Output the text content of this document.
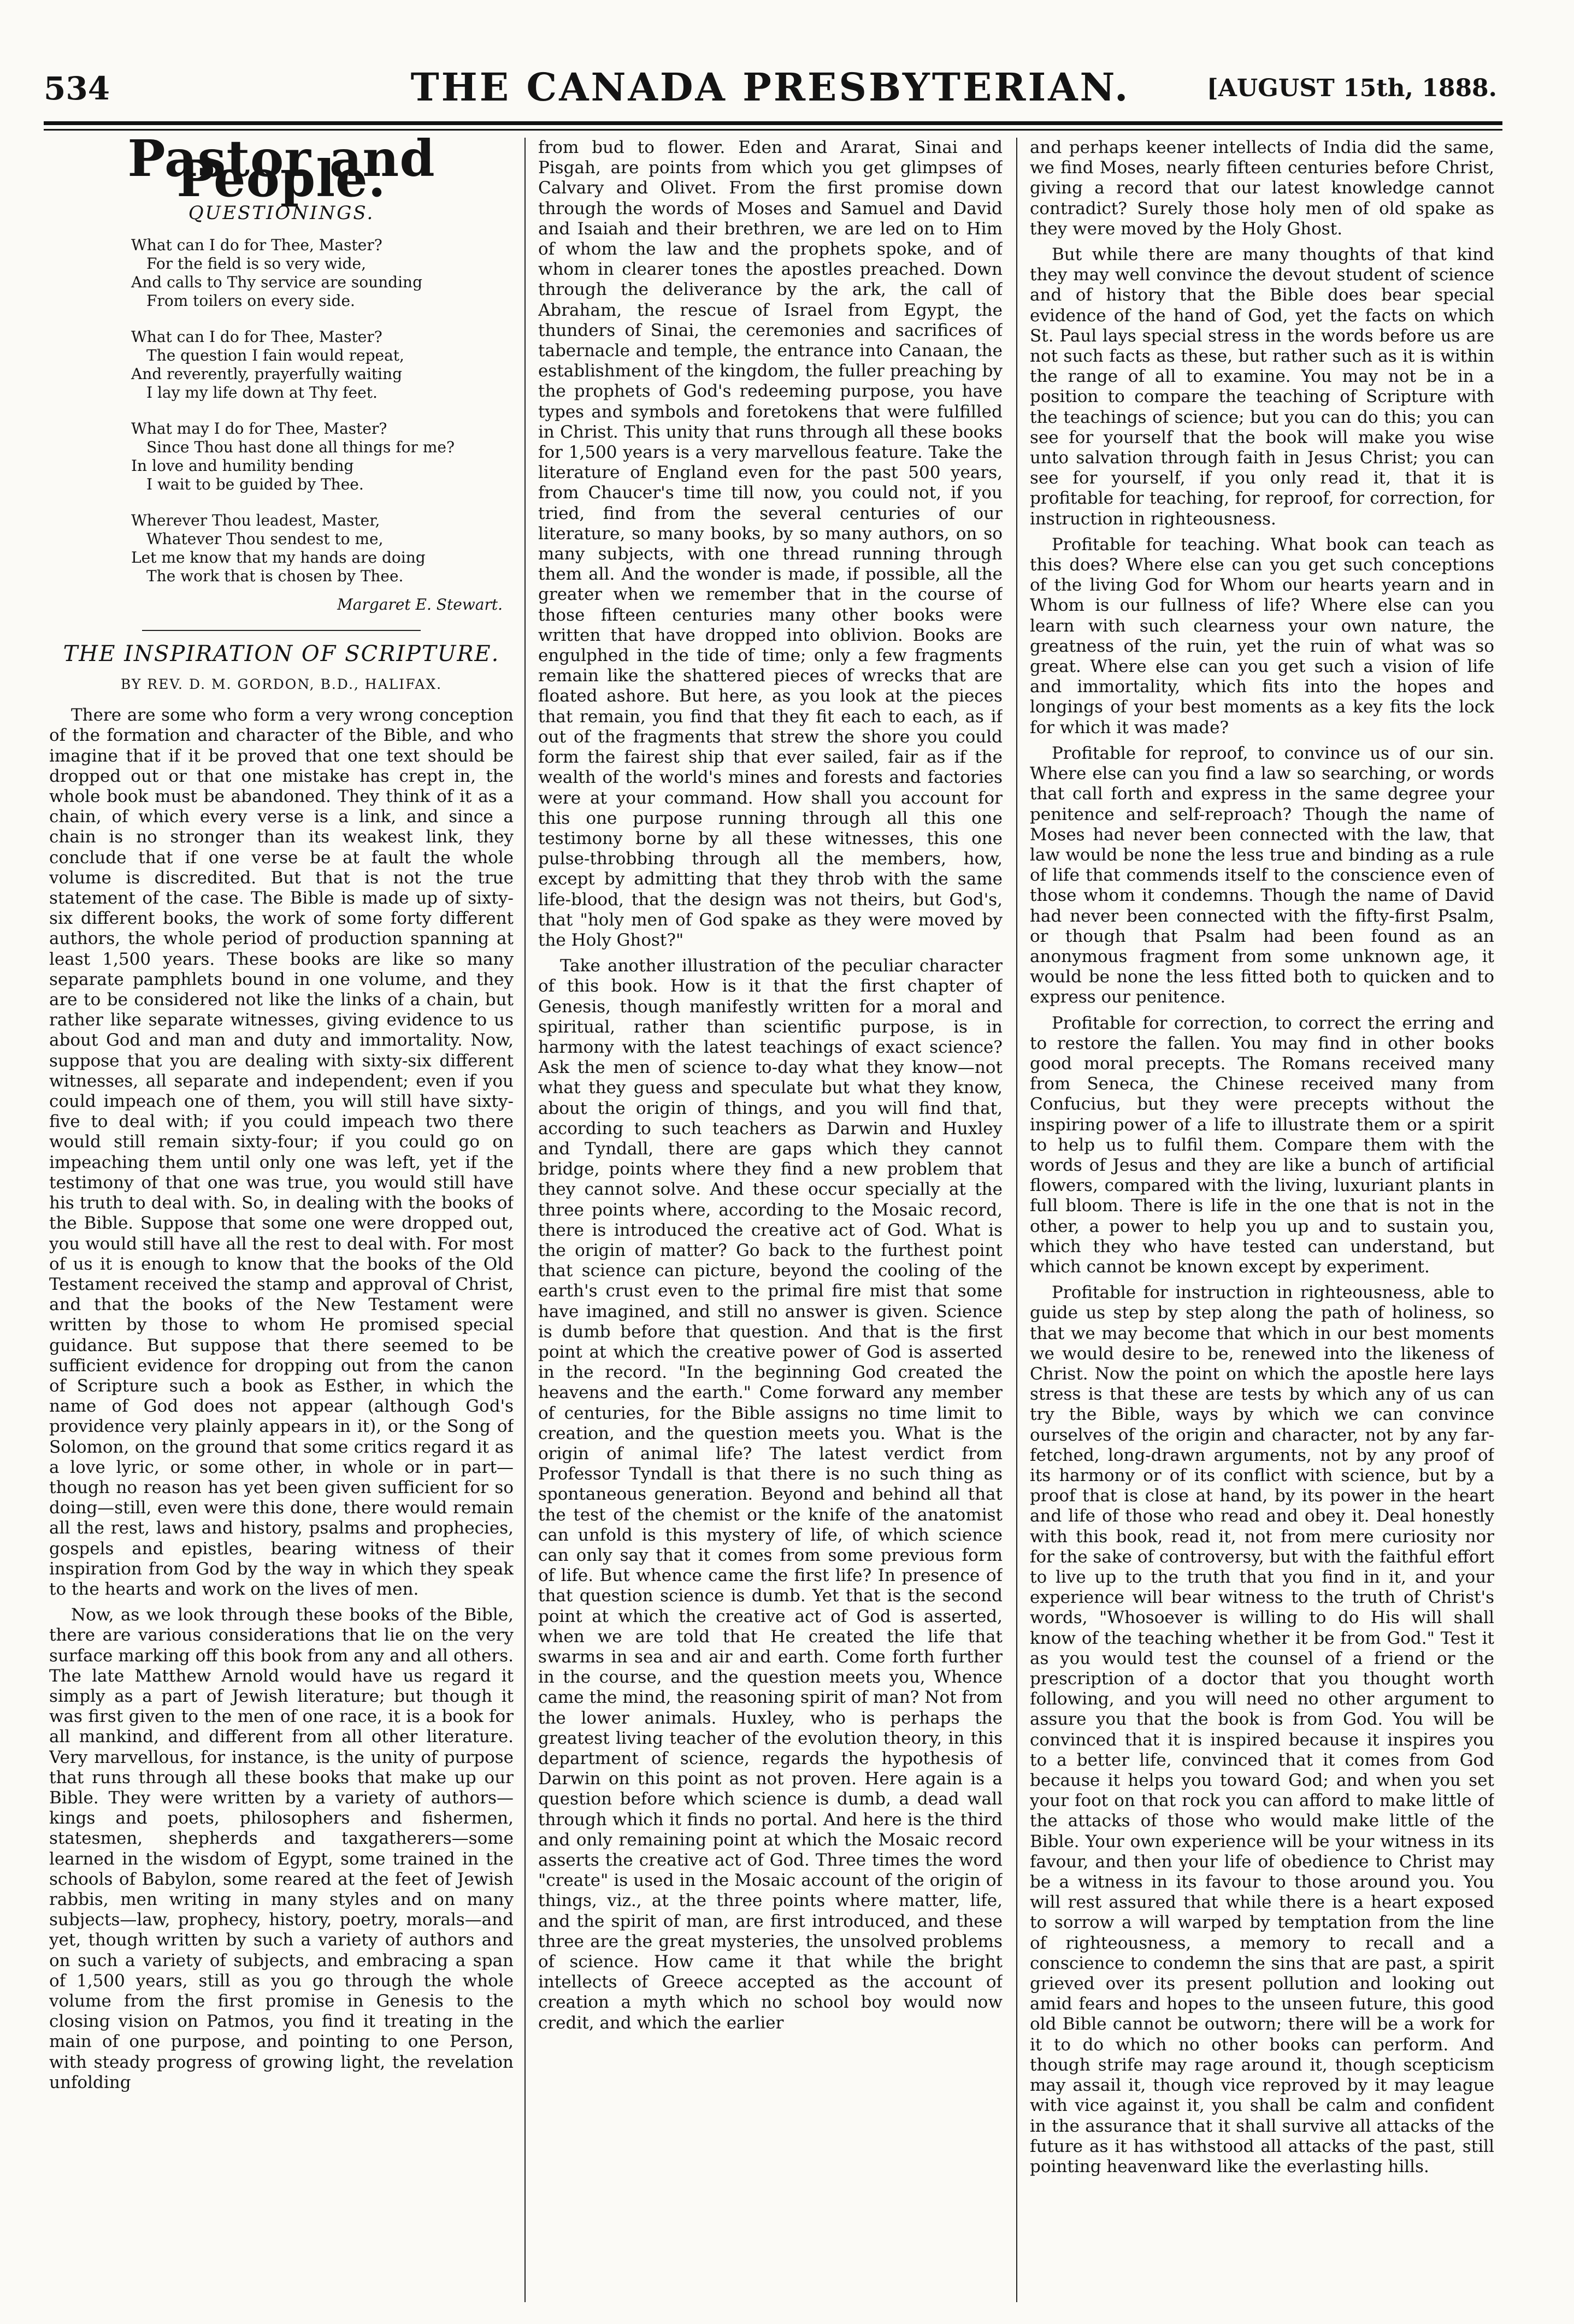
534	THE CANADA PRESBYTERIAN.	[AUGUST 15th, 1888.
Pastor and People.
QUESTIONINGS.
What can I do for Thee, Master?
For the field is so very wide,
And calls to Thy service are sounding
From toilers on every side.
What can I do for Thee, Master?
The question I fain would repeat,
And reverently, prayerfully waiting
I lay my life down at Thy feet.
What may I do for Thee, Master?
Since Thou hast done all things for me?
In love and humility bending
I wait to be guided by Thee.
Wherever Thou leadest, Master,
Whatever Thou sendest to me,
Let me know that my hands are doing
The work that is chosen by Thee.
Margaret E. Stewart.
THE INSPIRATION OF SCRIPTURE.
BY REV. D. M. GORDON, B.D., HALIFAX.

There are some who form a very wrong conception of the formation and character of the Bible, and who imagine that if it be proved that one text should be dropped out or that one mistake has crept in, the whole book must be abandoned. They think of it as a chain, of which every verse is a link, and since a chain is no stronger than its weakest link, they conclude that if one verse be at fault the whole volume is discredited. But that is not the true statement of the case. The Bible is made up of sixty-six different books, the work of some forty different authors, the whole period of production spanning at least 1,500 years. These books are like so many separate pamphlets bound in one volume, and they are to be considered not like the links of a chain, but rather like separate witnesses, giving evidence to us about God and man and duty and immortality. Now, suppose that you are dealing with sixty-six different witnesses, all separate and independent; even if you could impeach one of them, you will still have sixty-five to deal with; if you could impeach two there would still remain sixty-four; if you could go on impeaching them until only one was left, yet if the testimony of that one was true, you would still have his truth to deal with. So, in dealing with the books of the Bible. Suppose that some one were dropped out, you would still have all the rest to deal with. For most of us it is enough to know that the books of the Old Testament received the stamp and approval of Christ, and that the books of the New Testament were written by those to whom He promised special guidance. But suppose that there seemed to be sufficient evidence for dropping out from the canon of Scripture such a book as Esther, in which the name of God does not appear (although God's providence very plainly appears in it), or the Song of Solomon, on the ground that some critics regard it as a love lyric, or some other, in whole or in part—though no reason has yet been given sufficient for so doing—still, even were this done, there would remain all the rest, laws and history, psalms and prophecies, gospels and epistles, bearing witness of their inspiration from God by the way in which they speak to the hearts and work on the lives of men.

Now, as we look through these books of the Bible, there are various considerations that lie on the very surface marking off this book from any and all others. The late Matthew Arnold would have us regard it simply as a part of Jewish literature; but though it was first given to the men of one race, it is a book for all mankind, and different from all other literature. Very marvellous, for instance, is the unity of purpose that runs through all these books that make up our Bible. They were written by a variety of authors—kings and poets, philosophers and fishermen, statesmen, shepherds and taxgatherers—some learned in the wisdom of Egypt, some trained in the schools of Babylon, some reared at the feet of Jewish rabbis, men writing in many styles and on many subjects—law, prophecy, history, poetry, morals—and yet, though written by such a variety of authors and on such a variety of subjects, and embracing a span of 1,500 years, still as you go through the whole volume from the first promise in Genesis to the closing vision on Patmos, you find it treating in the main of one purpose, and pointing to one Person, with steady progress of growing light, the revelation unfolding

from bud to flower. Eden and Ararat, Sinai and Pisgah, are points from which you get glimpses of Calvary and Olivet. From the first promise down through the words of Moses and Samuel and David and Isaiah and their brethren, we are led on to Him of whom the law and the prophets spoke, and of whom in clearer tones the apostles preached. Down through the deliverance by the ark, the call of Abraham, the rescue of Israel from Egypt, the thunders of Sinai, the ceremonies and sacrifices of tabernacle and temple, the entrance into Canaan, the establishment of the kingdom, the fuller preaching by the prophets of God's redeeming purpose, you have types and symbols and foretokens that were fulfilled in Christ. This unity that runs through all these books for 1,500 years is a very marvellous feature. Take the literature of England even for the past 500 years, from Chaucer's time till now, you could not, if you tried, find from the several centuries of our literature, so many books, by so many authors, on so many subjects, with one thread running through them all. And the wonder is made, if possible, all the greater when we remember that in the course of those fifteen centuries many other books were written that have dropped into oblivion. Books are engulphed in the tide of time; only a few fragments remain like the shattered pieces of wrecks that are floated ashore. But here, as you look at the pieces that remain, you find that they fit each to each, as if out of the fragments that strew the shore you could form the fairest ship that ever sailed, fair as if the wealth of the world's mines and forests and factories were at your command. How shall you account for this one purpose running through all this one testimony borne by all these witnesses, this one pulse-throbbing through all the members, how, except by admitting that they throb with the same life-blood, that the design was not theirs, but God's, that "holy men of God spake as they were moved by the Holy Ghost?"

Take another illustration of the peculiar character of this book. How is it that the first chapter of Genesis, though manifestly written for a moral and spiritual, rather than scientific purpose, is in harmony with the latest teachings of exact science? Ask the men of science to-day what they know—not what they guess and speculate but what they know, about the origin of things, and you will find that, according to such teachers as Darwin and Huxley and Tyndall, there are gaps which they cannot bridge, points where they find a new problem that they cannot solve. And these occur specially at the three points where, according to the Mosaic record, there is introduced the creative act of God. What is the origin of matter? Go back to the furthest point that science can picture, beyond the cooling of the earth's crust even to the primal fire mist that some have imagined, and still no answer is given. Science is dumb before that question. And that is the first point at which the creative power of God is asserted in the record. "In the beginning God created the heavens and the earth." Come forward any member of centuries, for the Bible assigns no time limit to creation, and the question meets you. What is the origin of animal life? The latest verdict from Professor Tyndall is that there is no such thing as spontaneous generation. Beyond and behind all that the test of the chemist or the knife of the anatomist can unfold is this mystery of life, of which science can only say that it comes from some previous form of life. But whence came the first life? In presence of that question science is dumb. Yet that is the second point at which the creative act of God is asserted, when we are told that He created the life that swarms in sea and air and earth. Come forth further in the course, and the question meets you, Whence came the mind, the reasoning spirit of man? Not from the lower animals. Huxley, who is perhaps the greatest living teacher of the evolution theory, in this department of science, regards the hypothesis of Darwin on this point as not proven. Here again is a question before which science is dumb, a dead wall through which it finds no portal. And here is the third and only remaining point at which the Mosaic record asserts the creative act of God. Three times the word "create" is used in the Mosaic account of the origin of things, viz., at the three points where matter, life, and the spirit of man, are first introduced, and these three are the great mysteries, the unsolved problems of science. How came it that while the bright intellects of Greece accepted as the account of creation a myth which no school boy would now credit, and which the earlier

and perhaps keener intellects of India did the same, we find Moses, nearly fifteen centuries before Christ, giving a record that our latest knowledge cannot contradict? Surely those holy men of old spake as they were moved by the Holy Ghost.

But while there are many thoughts of that kind they may well convince the devout student of science and of history that the Bible does bear special evidence of the hand of God, yet the facts on which St. Paul lays special stress in the words before us are not such facts as these, but rather such as it is within the range of all to examine. You may not be in a position to compare the teaching of Scripture with the teachings of science; but you can do this; you can see for yourself that the book will make you wise unto salvation through faith in Jesus Christ; you can see for yourself, if you only read it, that it is profitable for teaching, for reproof, for correction, for instruction in righteousness.

Profitable for teaching. What book can teach as this does? Where else can you get such conceptions of the living God for Whom our hearts yearn and in Whom is our fullness of life? Where else can you learn with such clearness your own nature, the greatness of the ruin, yet the ruin of what was so great. Where else can you get such a vision of life and immortality, which fits into the hopes and longings of your best moments as a key fits the lock for which it was made?

Profitable for reproof, to convince us of our sin. Where else can you find a law so searching, or words that call forth and express in the same degree your penitence and self-reproach? Though the name of Moses had never been connected with the law, that law would be none the less true and binding as a rule of life that commends itself to the conscience even of those whom it condemns. Though the name of David had never been connected with the fifty-first Psalm, or though that Psalm had been found as an anonymous fragment from some unknown age, it would be none the less fitted both to quicken and to express our penitence.

Profitable for correction, to correct the erring and to restore the fallen. You may find in other books good moral precepts. The Romans received many from Seneca, the Chinese received many from Confucius, but they were precepts without the inspiring power of a life to illustrate them or a spirit to help us to fulfil them. Compare them with the words of Jesus and they are like a bunch of artificial flowers, compared with the living, luxuriant plants in full bloom. There is life in the one that is not in the other, a power to help you up and to sustain you, which they who have tested can understand, but which cannot be known except by experiment.

Profitable for instruction in righteousness, able to guide us step by step along the path of holiness, so that we may become that which in our best moments we would desire to be, renewed into the likeness of Christ. Now the point on which the apostle here lays stress is that these are tests by which any of us can try the Bible, ways by which we can convince ourselves of the origin and character, not by any far-fetched, long-drawn arguments, not by any proof of its harmony or of its conflict with science, but by a proof that is close at hand, by its power in the heart and life of those who read and obey it. Deal honestly with this book, read it, not from mere curiosity nor for the sake of controversy, but with the faithful effort to live up to the truth that you find in it, and your experience will bear witness to the truth of Christ's words, "Whosoever is willing to do His will shall know of the teaching whether it be from God." Test it as you would test the counsel of a friend or the prescription of a doctor that you thought worth following, and you will need no other argument to assure you that the book is from God. You will be convinced that it is inspired because it inspires you to a better life, convinced that it comes from God because it helps you toward God; and when you set your foot on that rock you can afford to make little of the attacks of those who would make little of the Bible. Your own experience will be your witness in its favour, and then your life of obedience to Christ may be a witness in its favour to those around you. You will rest assured that while there is a heart exposed to sorrow a will warped by temptation from the line of righteousness, a memory to recall and a conscience to condemn the sins that are past, a spirit grieved over its present pollution and looking out amid fears and hopes to the unseen future, this good old Bible cannot be outworn; there will be a work for it to do which no other books can perform. And though strife may rage around it, though scepticism may assail it, though vice reproved by it may league with vice against it, you shall be calm and confident in the assurance that it shall survive all attacks of the future as it has withstood all attacks of the past, still pointing heavenward like the everlasting hills.
